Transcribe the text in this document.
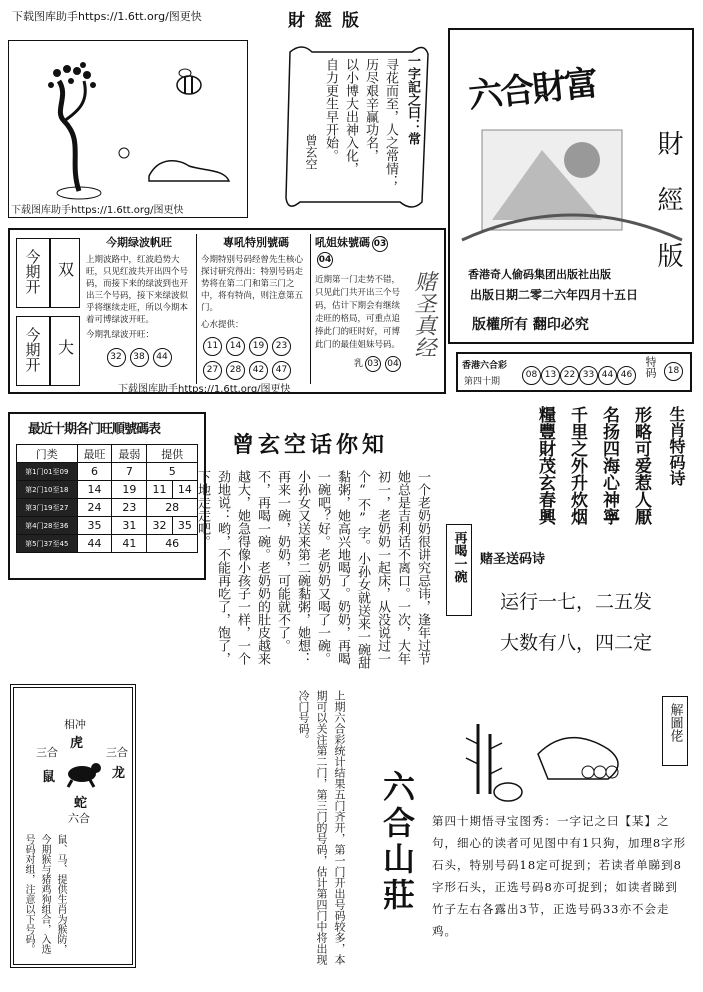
下载图库助手https://1.6tt.org/图更快	財 經 版
下载图库助手https://1.6tt.org/图更快
一字記之曰：常
寻花而至，人之常情；
历尽艰辛赢功名，
以小博大出神入化，
自力更生早开始。
曾玄空
六合財富
財 經 版
香港奇人偷码集团出版社出版
出版日期二零二六年四月十五日
版權所有 翻印必究
今期开 双
今期开 大
今期绿波帆旺
上期波路中，红波趋势大旺，只见红波共开出四个号码，而接下来的绿波到也开出三个号码，接下来绿波似乎将继续走旺，所以今期本着可博绿波开旺。
今期乳绿波开旺：
32 38 44
專吼特別號碼
今期特别号码经曾先生核心探讨研究得出：特别号码走势将在第二门和第三门之中，将有特尚，则注意第五门。
心水提供：
11 14 19 23 27 28 42 47
吼姐妹號碼 0304
近期第一门走势不错，只见此门共开出三个号码，估计下期会有继续走旺的格局，可重点追捧此门的旺时好，可博此门的最佳姐妹号码。
乳 03 04
赌圣真经
下载图库助手https://1.6tt.org/图更快
香港六合彩
第四十期
08 13 22 33 44 46	特码	18
最近十期各门旺順號碼表
门类	最旺	最弱	提供	
第1门01至09	6	7	5	
第2门10至18	14	19	11	14
第3门19至27	24	23	28	
第4门28至36	35	31	32	35
第5门37至45	44	41	46	
曾玄空话你知
一个老奶奶很讲究忌讳，逢年过节她总是吉利话不离口。一次，大年初一，老奶奶一起床，从没说过一个“不”字。小孙女就送来一碗甜黏粥，她高兴地喝了。奶奶，再喝一碗吧？好。老奶奶又喝了一碗。小孙女又送来第二碗黏粥，她想：再来一碗，奶奶，可能就不了。不，再喝一碗。老奶奶的肚皮越来越大，她急得像小孩子一样，一个劲地说：哟，不能再吃了，饱了，下地走走吧。
再喝一碗
生肖特码诗
形略可爱惹人厭
名扬四海心神寧
千里之外升炊烟
糧豐財茂玄春興
赌圣送码诗
运行一七，二五发
大数有八，四二定
相冲
虎
三合	三合
鼠	龙
蛇
六合
鼠、马、提供生肖为猴防，今期猴与猪鸡狗组合，入选号码对组，注意以下号码。	上期六合彩统计结果五门齐开，第一门开出号码较多，本期可以关注第二门，第三门的号码，估计第四门中将出现冷门号码。
六合山莊
解圖佬
第四十期悟寻宝图秀：一字记之曰【某】之句，细心的读者可见图中有1只狗，加理8字形石头，特别号码18定可捉到；若读者单睇到8字形石头，正选号码8亦可捉到；如读者睇到竹子左右各露出3节，正选号码33亦不会走鸡。
